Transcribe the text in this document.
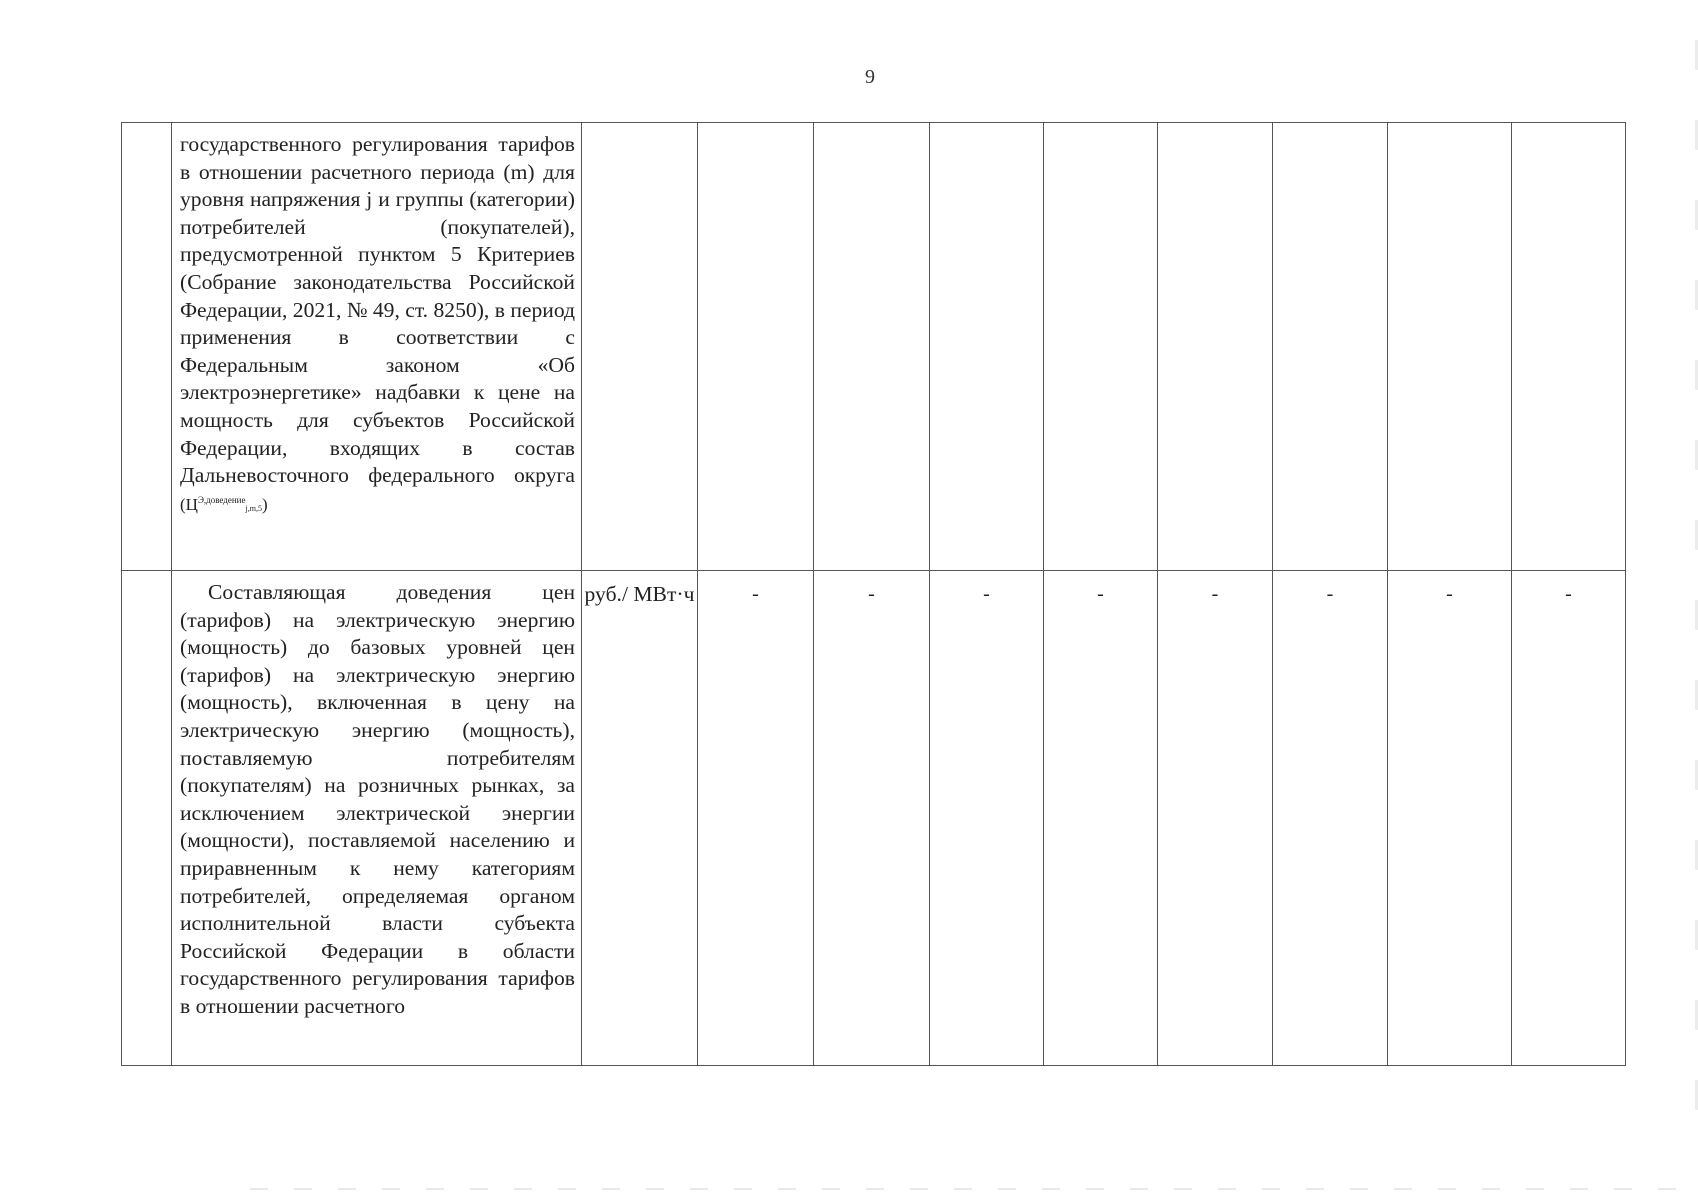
9
	государственного регулирования тарифов в отношении расчетного периода (m) для уровня напряжения j и группы (категории) потребителей (покупателей), предусмотренной пунктом 5 Критериев (Собрание законодательства Российской Федерации, 2021, № 49, ст. 8250), в период применения в соответствии с Федеральным законом «Об электроэнергетике» надбавки к цене на мощность для субъектов Российской Федерации, входящих в состав Дальневосточного федерального округа $(Ц^{Э,доведение}_{j,m,5})$									
	Составляющая доведения цен (тарифов) на электрическую энергию (мощность) до базовых уровней цен (тарифов) на электрическую энергию (мощность), включенная в цену на электрическую энергию (мощность), поставляемую потребителям (покупателям) на розничных рынках, за исключением электрической энергии (мощности), поставляемой населению и приравненным к нему категориям потребителей, определяемая органом исполнительной власти субъекта Российской Федерации в области государственного регулирования тарифов в отношении расчетного	руб./ МВт·ч	-	-	-	-	-	-	-	-
